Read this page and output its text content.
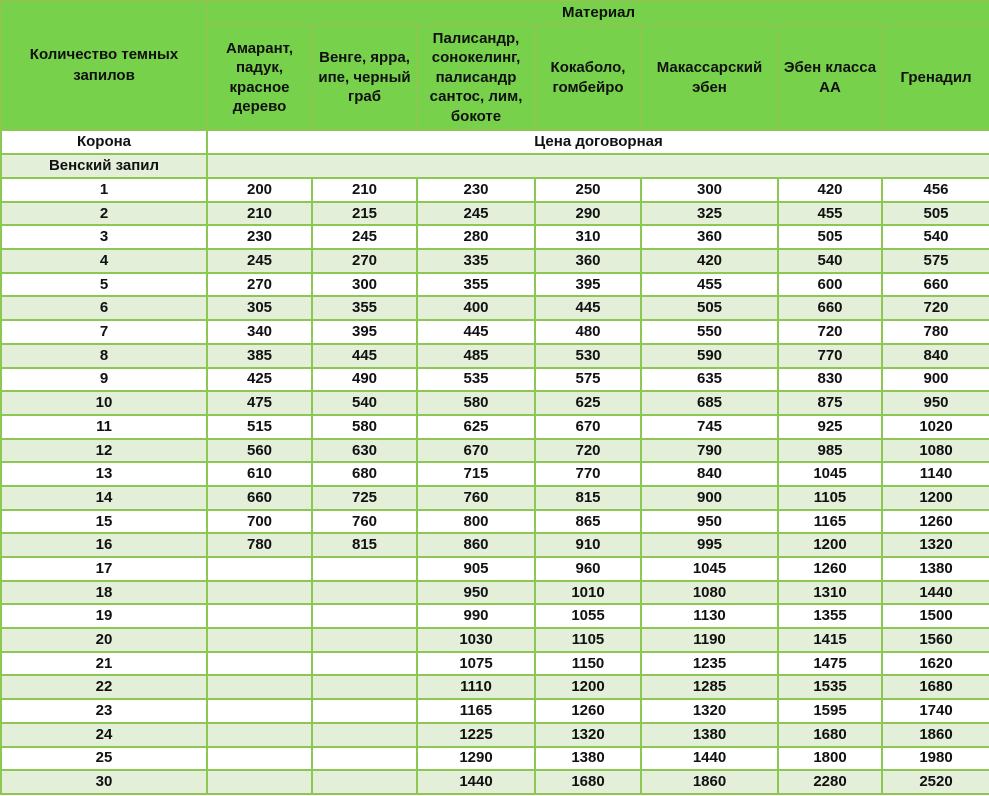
Количество темных запилов	Материал						
	Амарант, падук, красное дерево	Венге, ярра, ипе, черный граб	Палисандр, сонокелинг, палисандр сантос, лим, бокоте	Кокаболо, гомбейро	Макассарский эбен	Эбен класса АА	Гренадил
Корона	Цена договорная						
Венский запил							
1	200	210	230	250	300	420	456
2	210	215	245	290	325	455	505
3	230	245	280	310	360	505	540
4	245	270	335	360	420	540	575
5	270	300	355	395	455	600	660
6	305	355	400	445	505	660	720
7	340	395	445	480	550	720	780
8	385	445	485	530	590	770	840
9	425	490	535	575	635	830	900
10	475	540	580	625	685	875	950
11	515	580	625	670	745	925	1020
12	560	630	670	720	790	985	1080
13	610	680	715	770	840	1045	1140
14	660	725	760	815	900	1105	1200
15	700	760	800	865	950	1165	1260
16	780	815	860	910	995	1200	1320
17			905	960	1045	1260	1380
18			950	1010	1080	1310	1440
19			990	1055	1130	1355	1500
20			1030	1105	1190	1415	1560
21			1075	1150	1235	1475	1620
22			1110	1200	1285	1535	1680
23			1165	1260	1320	1595	1740
24			1225	1320	1380	1680	1860
25			1290	1380	1440	1800	1980
30			1440	1680	1860	2280	2520
